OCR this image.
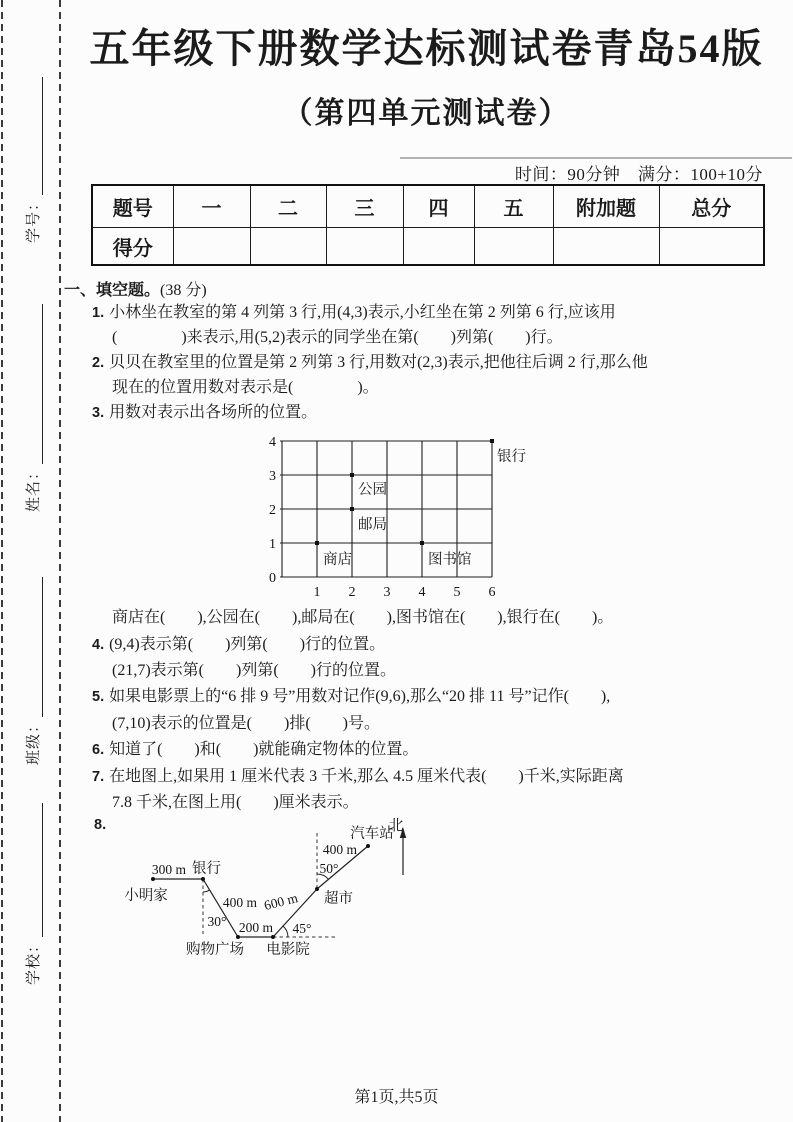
学号：
姓名：
班级：
学校：
五年级下册数学达标测试卷青岛54版
（第四单元测试卷）
时间：90分钟　满分：100+10分
题号	一	二	三	四	五	附加题	总分
得分							
一、填空题。(38 分)
1. 小林坐在教室的第 4 列第 3 行,用(4,3)表示,小红坐在第 2 列第 6 行,应该用
(　　　　)来表示,用(5,2)表示的同学坐在第(　　)列第(　　)行。
2. 贝贝在教室里的位置是第 2 列第 3 行,用数对(2,3)表示,把他往后调 2 行,那么他
现在的位置用数对表示是(　　　　)。
3. 用数对表示出各场所的位置。
4
3
2
1
0
1 2 3 4 5 6
银行
公园
邮局
商店	图书馆
商店在(　　),公园在(　　),邮局在(　　),图书馆在(　　),银行在(　　)。
4. (9,4)表示第(　　)列第(　　)行的位置。
(21,7)表示第(　　)列第(　　)行的位置。
5. 如果电影票上的“6 排 9 号”用数对记作(9,6),那么“20 排 11 号”记作(　　),
(7,10)表示的位置是(　　)排(　　)号。
6. 知道了(　　)和(　　)就能确定物体的位置。
7. 在地图上,如果用 1 厘米代表 3 千米,那么 4.5 厘米代表(　　)千米,实际距离
7.8 千米,在图上用(　　)厘米表示。
8.	北
小明家
银行
购物广场 电影院
超市
汽车站
300 m
400 m
200 m
600 m
400 m
30°	45°
50°
第1页,共5页
